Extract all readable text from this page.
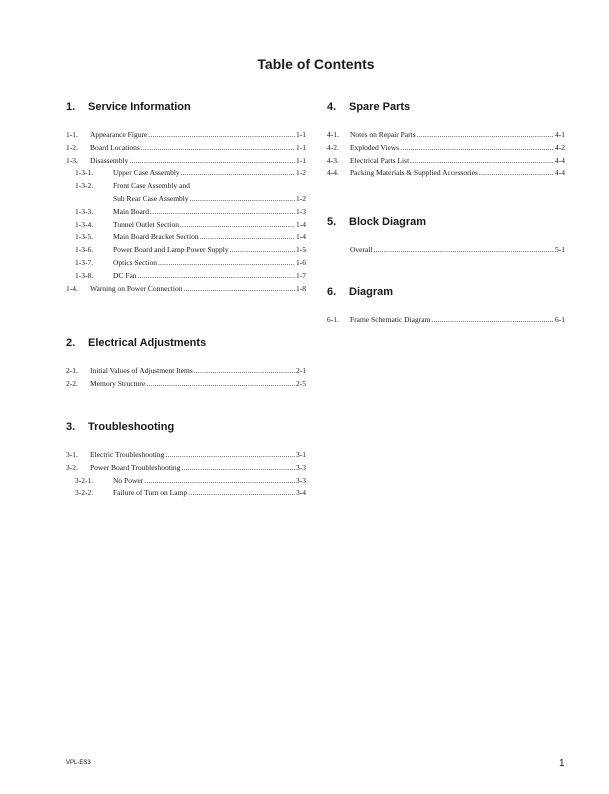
Table of Contents
1. Service Information
1-1. Appearance Figure .....	1-1
1-2. Board Locations .....	1-1
1-3. Disassembly .....	1-1
1-3-1.	Upper Case Assembly .....	1-2
1-3-2.	Front Case Assembly and
Sub Rear Case Assembly .....	1-2
1-3-3.	Main Board .....	1-3
1-3-4.	Tunnel Outlet Section .....	1-4
1-3-5.	Main Board Bracket Section .....	1-4
1-3-6.	Power Board and Lamp Power Supply .....	1-5
1-3-7.	Optics Section .....	1-6
1-3-8.	DC Fan .....	1-7
1-4. Warning on Power Connection .....	1-8
2. Electrical Adjustments
2-1. Initial Values of Adjustment Items .....	2-1
2-2. Memory Structure .....	2-5
3. Troubleshooting
3-1. Electric Troubleshooting .....	3-1
3-2. Power Board Troubleshooting .....	3-3
3-2-1.	No Power .....	3-3
3-2-2.	Failure of Turn on Lamp .....	3-4
4. Spare Parts
4-1. Notes on Repair Parts .....	4-1
4-2. Exploded Views .....	4-2
4-3. Electrical Parts List .....	4-4
4-4. Packing Materials & Supplied Accessories .....	4-4
5. Block Diagram
Overall .....	5-1
6. Diagram
6-1. Frame Schematic Diagram .....	6-1
VPL-ES3	1
